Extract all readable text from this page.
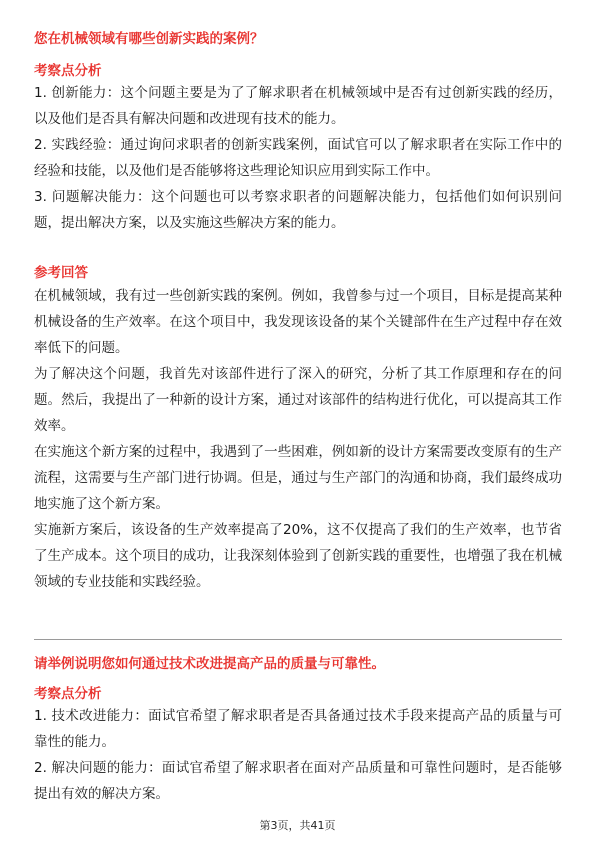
您在机械领域有哪些创新实践的案例？
考察点分析

1. 创新能力：这个问题主要是为了了解求职者在机械领域中是否有过创新实践的经历，以及他们是否具有解决问题和改进现有技术的能力。

2. 实践经验：通过询问求职者的创新实践案例，面试官可以了解求职者在实际工作中的经验和技能，以及他们是否能够将这些理论知识应用到实际工作中。

3. 问题解决能力：这个问题也可以考察求职者的问题解决能力，包括他们如何识别问题，提出解决方案，以及实施这些解决方案的能力。

参考回答

在机械领域，我有过一些创新实践的案例。例如，我曾参与过一个项目，目标是提高某种机械设备的生产效率。在这个项目中，我发现该设备的某个关键部件在生产过程中存在效率低下的问题。

为了解决这个问题，我首先对该部件进行了深入的研究，分析了其工作原理和存在的问题。然后，我提出了一种新的设计方案，通过对该部件的结构进行优化，可以提高其工作效率。

在实施这个新方案的过程中，我遇到了一些困难，例如新的设计方案需要改变原有的生产流程，这需要与生产部门进行协调。但是，通过与生产部门的沟通和协商，我们最终成功地实施了这个新方案。

实施新方案后，该设备的生产效率提高了20%，这不仅提高了我们的生产效率，也节省了生产成本。这个项目的成功，让我深刻体验到了创新实践的重要性，也增强了我在机械领域的专业技能和实践经验。

请举例说明您如何通过技术改进提高产品的质量与可靠性。
考察点分析

1. 技术改进能力：面试官希望了解求职者是否具备通过技术手段来提高产品的质量与可靠性的能力。

2. 解决问题的能力：面试官希望了解求职者在面对产品质量和可靠性问题时，是否能够提出有效的解决方案。

第3页，共41页
